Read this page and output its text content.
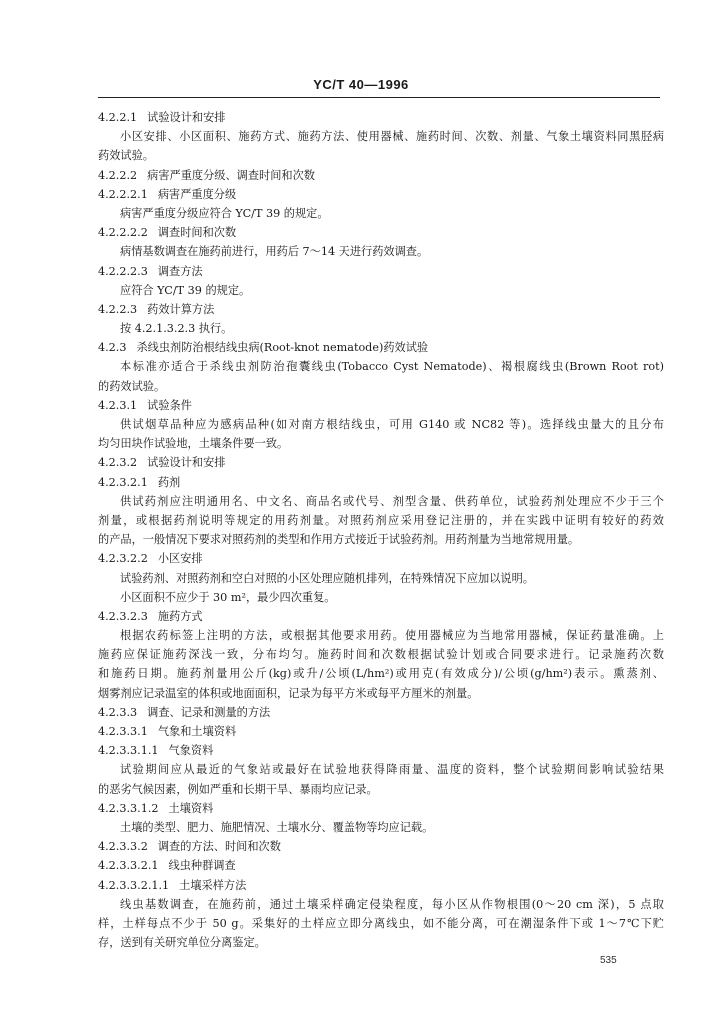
YC/T 40—1996
4.2.2.1 试验设计和安排
小区安排、小区面积、施药方式、施药方法、使用器械、施药时间、次数、剂量、气象土壤资料同黑胫病
药效试验。
4.2.2.2 病害严重度分级、调查时间和次数
4.2.2.2.1 病害严重度分级
病害严重度分级应符合 YC/T 39 的规定。
4.2.2.2.2 调查时间和次数
病情基数调查在施药前进行，用药后 7～14 天进行药效调查。
4.2.2.2.3 调查方法
应符合 YC/T 39 的规定。
4.2.2.3 药效计算方法
按 4.2.1.3.2.3 执行。
4.2.3 杀线虫剂防治根结线虫病(Root-knot nematode)药效试验
本标准亦适合于杀线虫剂防治孢囊线虫(Tobacco Cyst Nematode)、褐根腐线虫(Brown Root rot)
的药效试验。
4.2.3.1 试验条件
供试烟草品种应为感病品种(如对南方根结线虫，可用 G140 或 NC82 等)。选择线虫量大的且分布
均匀田块作试验地，土壤条件要一致。
4.2.3.2 试验设计和安排
4.2.3.2.1 药剂
供试药剂应注明通用名、中文名、商品名或代号、剂型含量、供药单位，试验药剂处理应不少于三个
剂量，或根据药剂说明等规定的用药剂量。对照药剂应采用登记注册的，并在实践中证明有较好的药效
的产品，一般情况下要求对照药剂的类型和作用方式接近于试验药剂。用药剂量为当地常规用量。
4.2.3.2.2 小区安排
试验药剂、对照药剂和空白对照的小区处理应随机排列，在特殊情况下应加以说明。
小区面积不应少于 30 m²，最少四次重复。
4.2.3.2.3 施药方式
根据农药标签上注明的方法，或根据其他要求用药。使用器械应为当地常用器械，保证药量准确。上
施药应保证施药深浅一致，分布均匀。施药时间和次数根据试验计划或合同要求进行。记录施药次数
和施药日期。施药剂量用公斤(kg)或升/公顷(L/hm²)或用克(有效成分)/公顷(g/hm²)表示。熏蒸剂、
烟雾剂应记录温室的体积或地面面积，记录为每平方米或每平方厘米的剂量。
4.2.3.3 调查、记录和测量的方法
4.2.3.3.1 气象和土壤资料
4.2.3.3.1.1 气象资料
试验期间应从最近的气象站或最好在试验地获得降雨量、温度的资料，整个试验期间影响试验结果
的恶劣气候因素，例如严重和长期干旱、暴雨均应记录。
4.2.3.3.1.2 土壤资料
土壤的类型、肥力、施肥情况、土壤水分、覆盖物等均应记载。
4.2.3.3.2 调查的方法、时间和次数
4.2.3.3.2.1 线虫种群调查
4.2.3.3.2.1.1 土壤采样方法
线虫基数调查，在施药前，通过土壤采样确定侵染程度，每小区从作物根围(0～20 cm 深)，5 点取
样，土样每点不少于 50 g。采集好的土样应立即分离线虫，如不能分离，可在潮湿条件下或 1～7℃下贮
存，送到有关研究单位分离鉴定。
535
